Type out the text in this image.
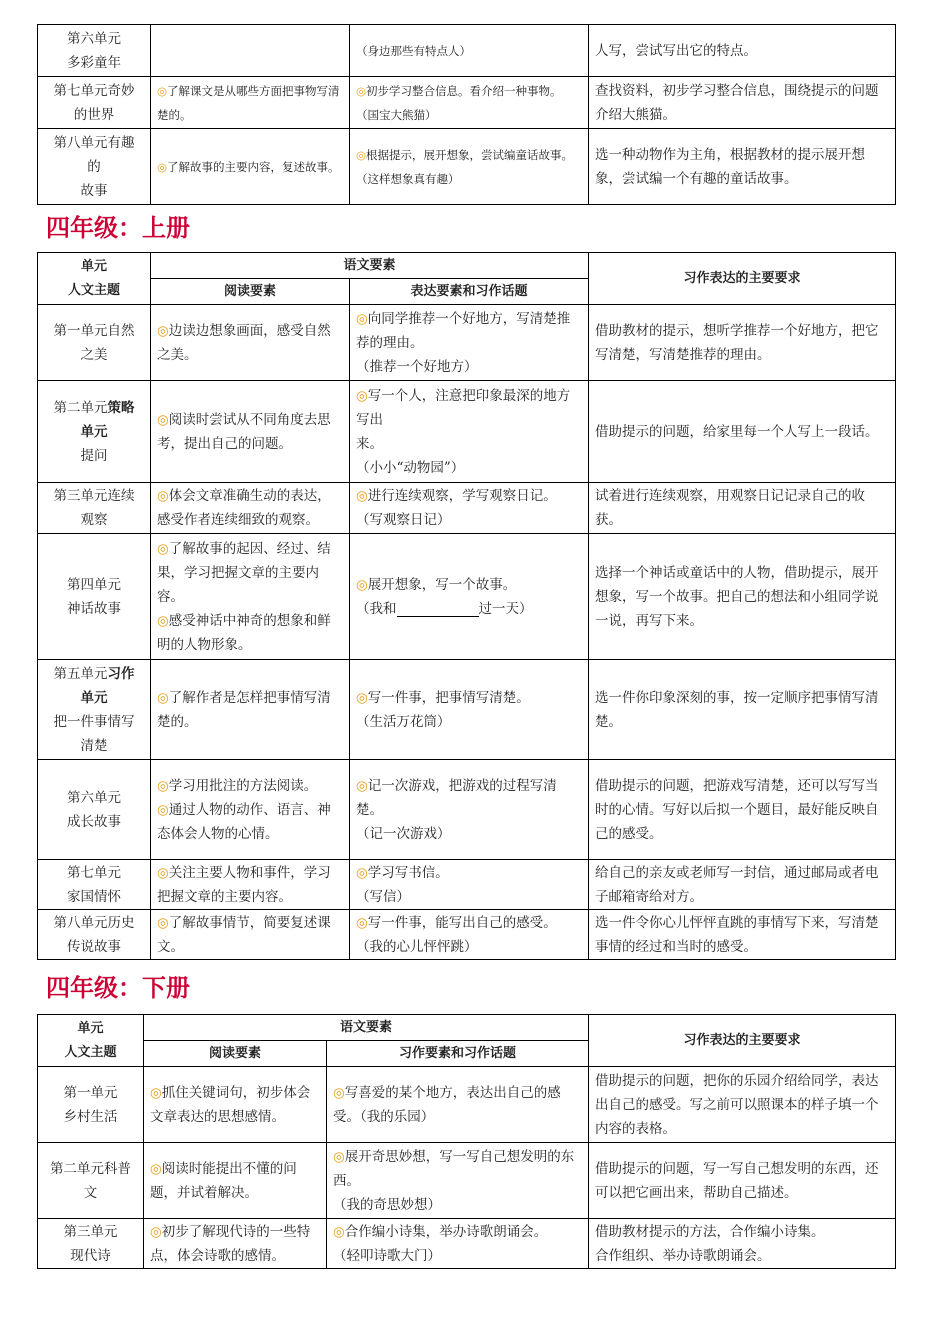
第六单元
多彩童年		（身边那些有特点人）	人写，尝试写出它的特点。

第七单元奇妙
的世界	◎了解课文是从哪些方面把事物写清楚的。	◎初步学习整合信息。看介绍一种事物。
（国宝大熊猫）	查找资料，初步学习整合信息，围绕提示的问题介绍大熊猫。

第八单元有趣
的
故事	◎了解故事的主要内容，复述故事。	◎根据提示，展开想象，尝试编童话故事。
（这样想象真有趣）	选一种动物作为主角，根据教材的提示展开想象，尝试编一个有趣的童话故事。
四年级：上册
单元
人文主题	语文要素		习作表达的主要要求
	阅读要素	表达要素和习作话题	

第一单元自然
之美	◎边读边想象画面，感受自然之美。	◎向同学推荐一个好地方，写清楚推荐的理由。
（推荐一个好地方）	借助教材的提示，想听学推荐一个好地方，把它写清楚，写清楚推荐的理由。
第二单元策略
单元
提问	◎阅读时尝试从不同角度去思考，提出自己的问题。	◎写一个人，注意把印象最深的地方写出
来。
（小小“动物园”）	借助提示的问题，给家里每一个人写上一段话。

第三单元连续
观察	◎体会文章准确生动的表达，感受作者连续细致的观察。	◎进行连续观察，学写观察日记。
（写观察日记）	试着进行连续观察，用观察日记记录自己的收获。

第四单元
神话故事	◎了解故事的起因、经过、结果，学习把握文章的主要内容。
◎感受神话中神奇的想象和鲜明的人物形象。	◎展开想象，写一个故事。
（我和 过一天）	选择一个神话或童话中的人物，借助提示，展开想象，写一个故事。把自己的想法和小组同学说一说，再写下来。
第五单元习作
单元
把一件事情写
清楚	◎了解作者是怎样把事情写清楚的。	◎写一件事，把事情写清楚。
（生活万花筒）	选一件你印象深刻的事，按一定顺序把事情写清楚。

第六单元
成长故事	◎学习用批注的方法阅读。
◎通过人物的动作、语言、神态体会人物的心情。	◎记一次游戏，把游戏的过程写清楚。
（记一次游戏）	借助提示的问题，把游戏写清楚，还可以写写当时的心情。写好以后拟一个题目，最好能反映自己的感受。

第七单元
家国情怀	◎关注主要人物和事件，学习把握文章的主要内容。	◎学习写书信。
（写信）	给自己的亲友或老师写一封信，通过邮局或者电子邮箱寄给对方。

第八单元历史
传说故事	◎了解故事情节，简要复述课文。	◎写一件事，能写出自己的感受。
（我的心儿怦怦跳）	选一件令你心儿怦怦直跳的事情写下来，写清楚事情的经过和当时的感受。
四年级：下册
单元
人文主题	语文要素		习作表达的主要要求
	阅读要素	习作要素和习作话题	

第一单元
乡村生活	◎抓住关键词句，初步体会文章表达的思想感情。	◎写喜爱的某个地方，表达出自己的感受。（我的乐园）	借助提示的问题，把你的乐园介绍给同学，表达出自己的感受。写之前可以照课本的样子填一个内容的表格。

第二单元科普
文	◎阅读时能提出不懂的问题，并试着解决。	◎展开奇思妙想，写一写自己想发明的东西。
（我的奇思妙想）	借助提示的问题，写一写自己想发明的东西，还可以把它画出来，帮助自己描述。

第三单元
现代诗	◎初步了解现代诗的一些特点，体会诗歌的感情。	◎合作编小诗集，举办诗歌朗诵会。
（轻叩诗歌大门）	借助教材提示的方法，合作编小诗集。
合作组织、举办诗歌朗诵会。
